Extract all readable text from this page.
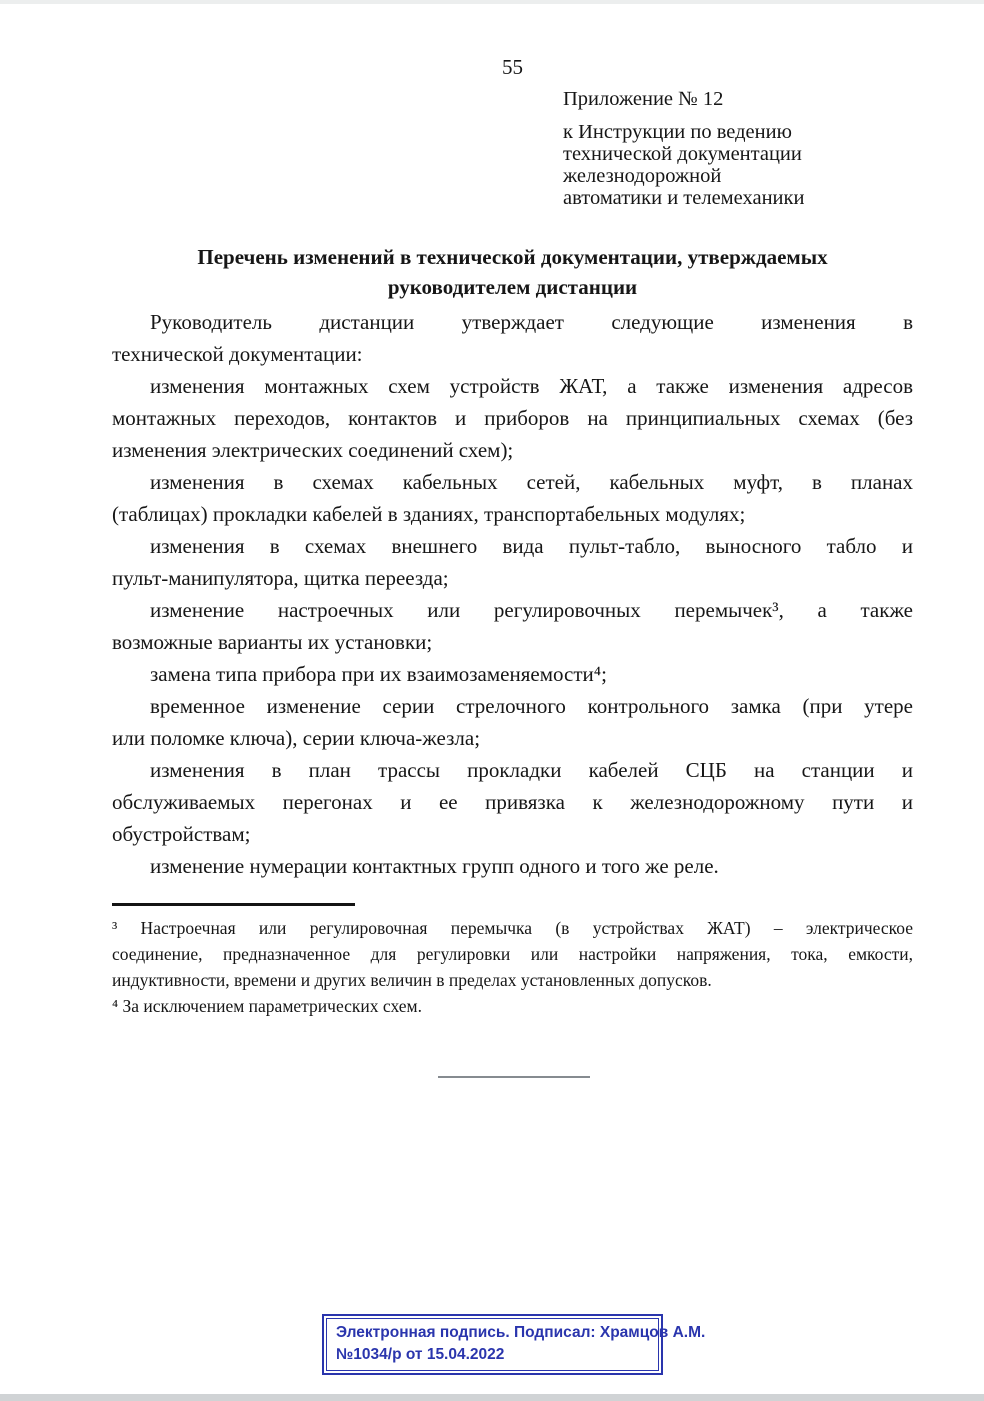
55
Приложение № 12
к Инструкции по ведению
технической документации
железнодорожной
автоматики и телемеханики
Перечень изменений в технической документации, утверждаемых
руководителем дистанции
Руководитель дистанции утверждает следующие изменения в
технической документации:
изменения монтажных схем устройств ЖАТ, а также изменения адресов
монтажных переходов, контактов и приборов на принципиальных схемах (без
изменения электрических соединений схем);
изменения в схемах кабельных сетей, кабельных муфт, в планах
(таблицах) прокладки кабелей в зданиях, транспортабельных модулях;
изменения в схемах внешнего вида пульт-табло, выносного табло и
пульт-манипулятора, щитка переезда;
изменение настроечных или регулировочных перемычек³, а также
возможные варианты их установки;
замена типа прибора при их взаимозаменяемости⁴;
временное изменение серии стрелочного контрольного замка (при утере
или поломке ключа), серии ключа-жезла;
изменения в план трассы прокладки кабелей СЦБ на станции и
обслуживаемых перегонах и ее привязка к железнодорожному пути и
обустройствам;
изменение нумерации контактных групп одного и того же реле.
³ Настроечная или регулировочная перемычка (в устройствах ЖАТ) – электрическое
соединение, предназначенное для регулировки или настройки напряжения, тока, емкости,
индуктивности, времени и других величин в пределах установленных допусков.
⁴ За исключением параметрических схем.
Электронная подпись. Подписал: Храмцов А.М.
№1034/р от 15.04.2022
